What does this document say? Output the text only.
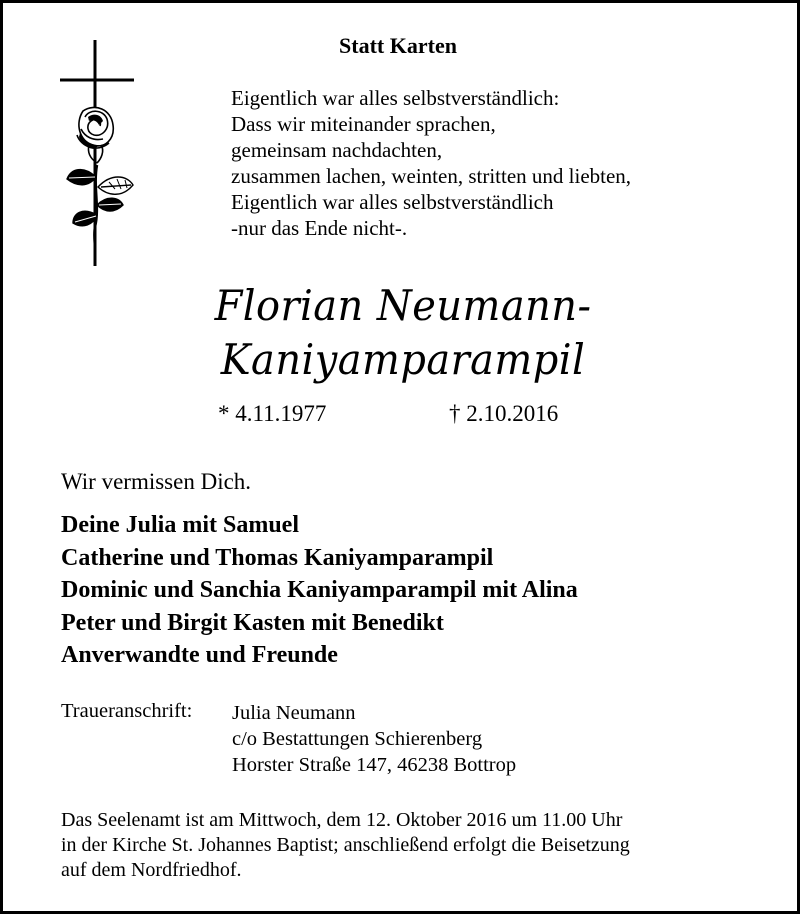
Statt Karten
Eigentlich war alles selbstverständlich:
Dass wir miteinander sprachen,
gemeinsam nachdachten,
zusammen lachen, weinten, stritten und liebten,
Eigentlich war alles selbstverständlich
-nur das Ende nicht-.
Florian Neumann-
Kaniyamparampil
* 4.11.1977	† 2.10.2016
Wir vermissen Dich.
Deine Julia mit Samuel
Catherine und Thomas Kaniyamparampil
Dominic und Sanchia Kaniyamparampil mit Alina
Peter und Birgit Kasten mit Benedikt
Anverwandte und Freunde
Traueranschrift: Julia Neumann
c/o Bestattungen Schierenberg
Horster Straße 147, 46238 Bottrop
Das Seelenamt ist am Mittwoch, dem 12. Oktober 2016 um 11.00 Uhr
in der Kirche St. Johannes Baptist; anschließend erfolgt die Beisetzung
auf dem Nordfriedhof.
